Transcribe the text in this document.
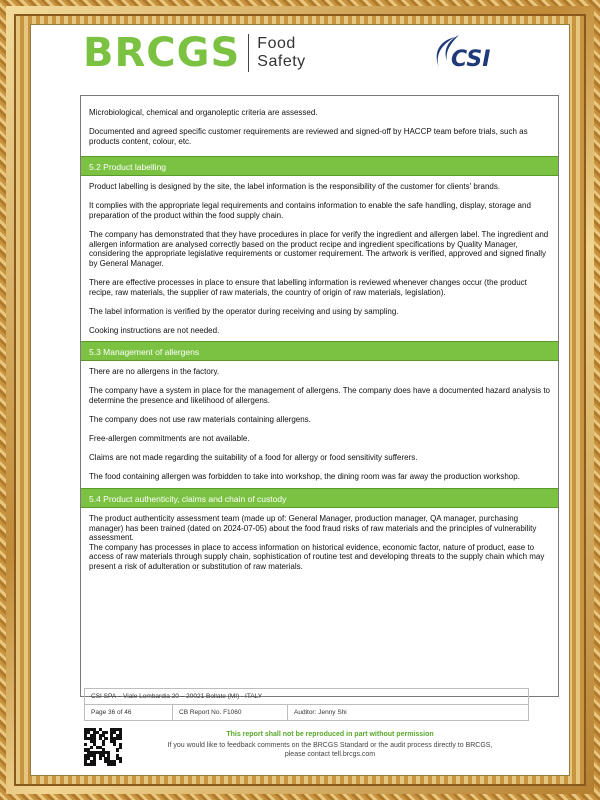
BRCGS Food
Safety	CSI

Microbiological, chemical and organoleptic criteria are assessed.

Documented and agreed specific customer requirements are reviewed and signed-off by HACCP team before trials, such as products content, colour, etc.

5.2 Product labelling

Product labelling is designed by the site, the label information is the responsibility of the customer for clients' brands.

It complies with the appropriate legal requirements and contains information to enable the safe handling, display, storage and preparation of the product within the food supply chain.

The company has demonstrated that they have procedures in place for verify the ingredient and allergen label. The ingredient and allergen information are analysed correctly based on the product recipe and ingredient specifications by Quality Manager, considering the appropriate legislative requirements or customer requirement. The artwork is verified, approved and signed finally by General Manager.

There are effective processes in place to ensure that labelling information is reviewed whenever changes occur (the product recipe, raw materials, the supplier of raw materials, the country of origin of raw materials, legislation).

The label information is verified by the operator during receiving and using by sampling.

Cooking instructions are not needed.

5.3 Management of allergens

There are no allergens in the factory.

The company have a system in place for the management of allergens. The company does have a documented hazard analysis to determine the presence and likelihood of allergens.

The company does not use raw materials containing allergens.

Free-allergen commitments are not available.

Claims are not made regarding the suitability of a food for allergy or food sensitivity sufferers.

The food containing allergen was forbidden to take into workshop, the dining room was far away the production workshop.

5.4 Product authenticity, claims and chain of custody

The product authenticity assessment team (made up of: General Manager, production manager, QA manager, purchasing manager) has been trained (dated on 2024-07-05) about the food fraud risks of raw materials and the principles of vulnerability assessment.
The company has processes in place to access information on historical evidence, economic factor, nature of product, ease to access of raw materials through supply chain, sophistication of routine test and developing threats to the supply chain which may present a risk of adulteration or substitution of raw materials.

CSI SPA – Viale Lombardia 20 – 20021 Bollate (MI) - ITALY
Page 36 of 46	CB Report No. F1060	Auditor: Jenny Shi
This report shall not be reproduced in part without permission
If you would like to feedback comments on the BRCGS Standard or the audit process directly to BRCGS,
please contact tell.brcgs.com
